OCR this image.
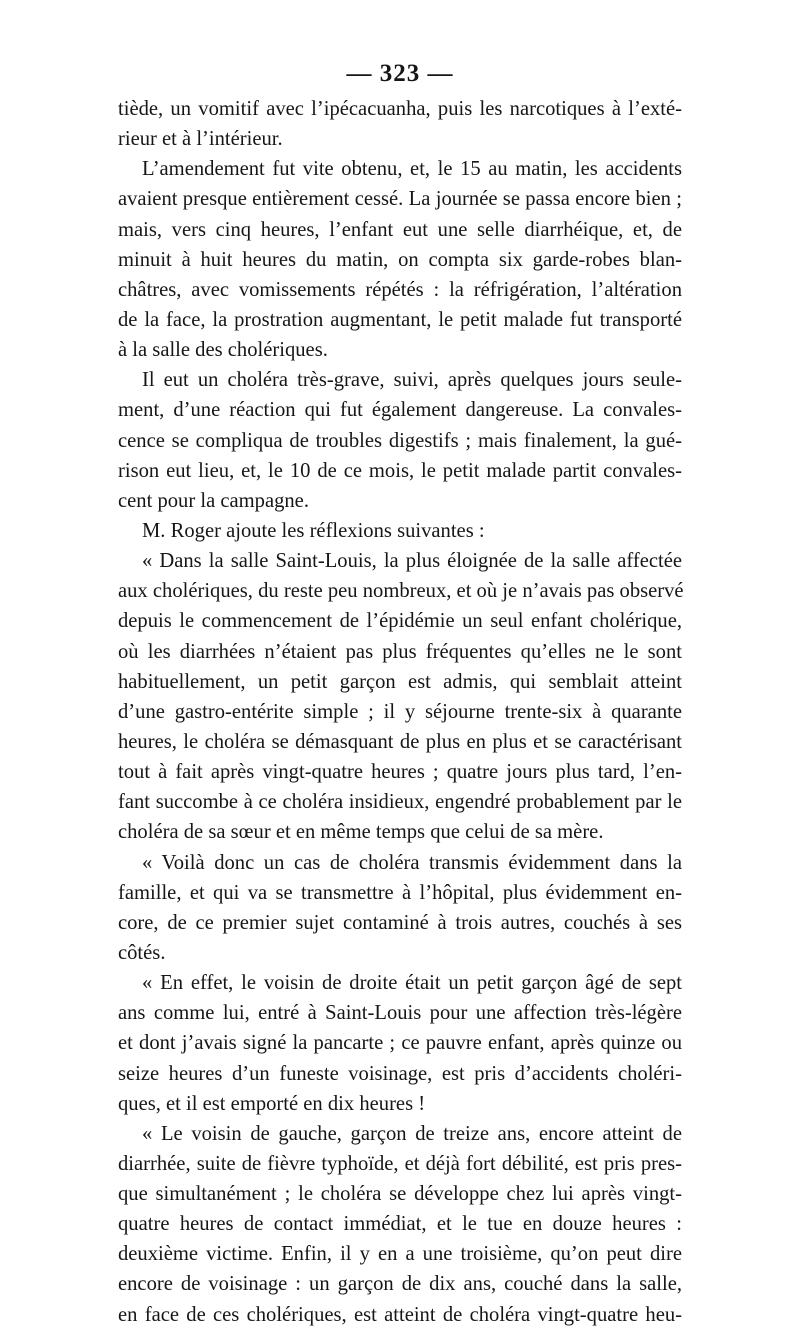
— 323 —
tiède, un vomitif avec l’ipécacuanha, puis les narcotiques à l’exté-
rieur et à l’intérieur.
L’amendement fut vite obtenu, et, le 15 au matin, les accidents
avaient presque entièrement cessé. La journée se passa encore bien ;
mais, vers cinq heures, l’enfant eut une selle diarrhéique, et, de
minuit à huit heures du matin, on compta six garde-robes blan-
châtres, avec vomissements répétés : la réfrigération, l’altération
de la face, la prostration augmentant, le petit malade fut transporté
à la salle des cholériques.
Il eut un choléra très-grave, suivi, après quelques jours seule-
ment, d’une réaction qui fut également dangereuse. La convales-
cence se compliqua de troubles digestifs ; mais finalement, la gué-
rison eut lieu, et, le 10 de ce mois, le petit malade partit convales-
cent pour la campagne.
M. Roger ajoute les réflexions suivantes :
« Dans la salle Saint-Louis, la plus éloignée de la salle affectée
aux cholériques, du reste peu nombreux, et où je n’avais pas observé
depuis le commencement de l’épidémie un seul enfant cholérique,
où les diarrhées n’étaient pas plus fréquentes qu’elles ne le sont
habituellement, un petit garçon est admis, qui semblait atteint
d’une gastro-entérite simple ; il y séjourne trente-six à quarante
heures, le choléra se démasquant de plus en plus et se caractérisant
tout à fait après vingt-quatre heures ; quatre jours plus tard, l’en-
fant succombe à ce choléra insidieux, engendré probablement par le
choléra de sa sœur et en même temps que celui de sa mère.
« Voilà donc un cas de choléra transmis évidemment dans la
famille, et qui va se transmettre à l’hôpital, plus évidemment en-
core, de ce premier sujet contaminé à trois autres, couchés à ses
côtés.
« En effet, le voisin de droite était un petit garçon âgé de sept
ans comme lui, entré à Saint-Louis pour une affection très-légère
et dont j’avais signé la pancarte ; ce pauvre enfant, après quinze ou
seize heures d’un funeste voisinage, est pris d’accidents choléri-
ques, et il est emporté en dix heures !
« Le voisin de gauche, garçon de treize ans, encore atteint de
diarrhée, suite de fièvre typhoïde, et déjà fort débilité, est pris pres-
que simultanément ; le choléra se développe chez lui après vingt-
quatre heures de contact immédiat, et le tue en douze heures :
deuxième victime. Enfin, il y en a une troisième, qu’on peut dire
encore de voisinage : un garçon de dix ans, couché dans la salle,
en face de ces cholériques, est atteint de choléra vingt-quatre heu-
